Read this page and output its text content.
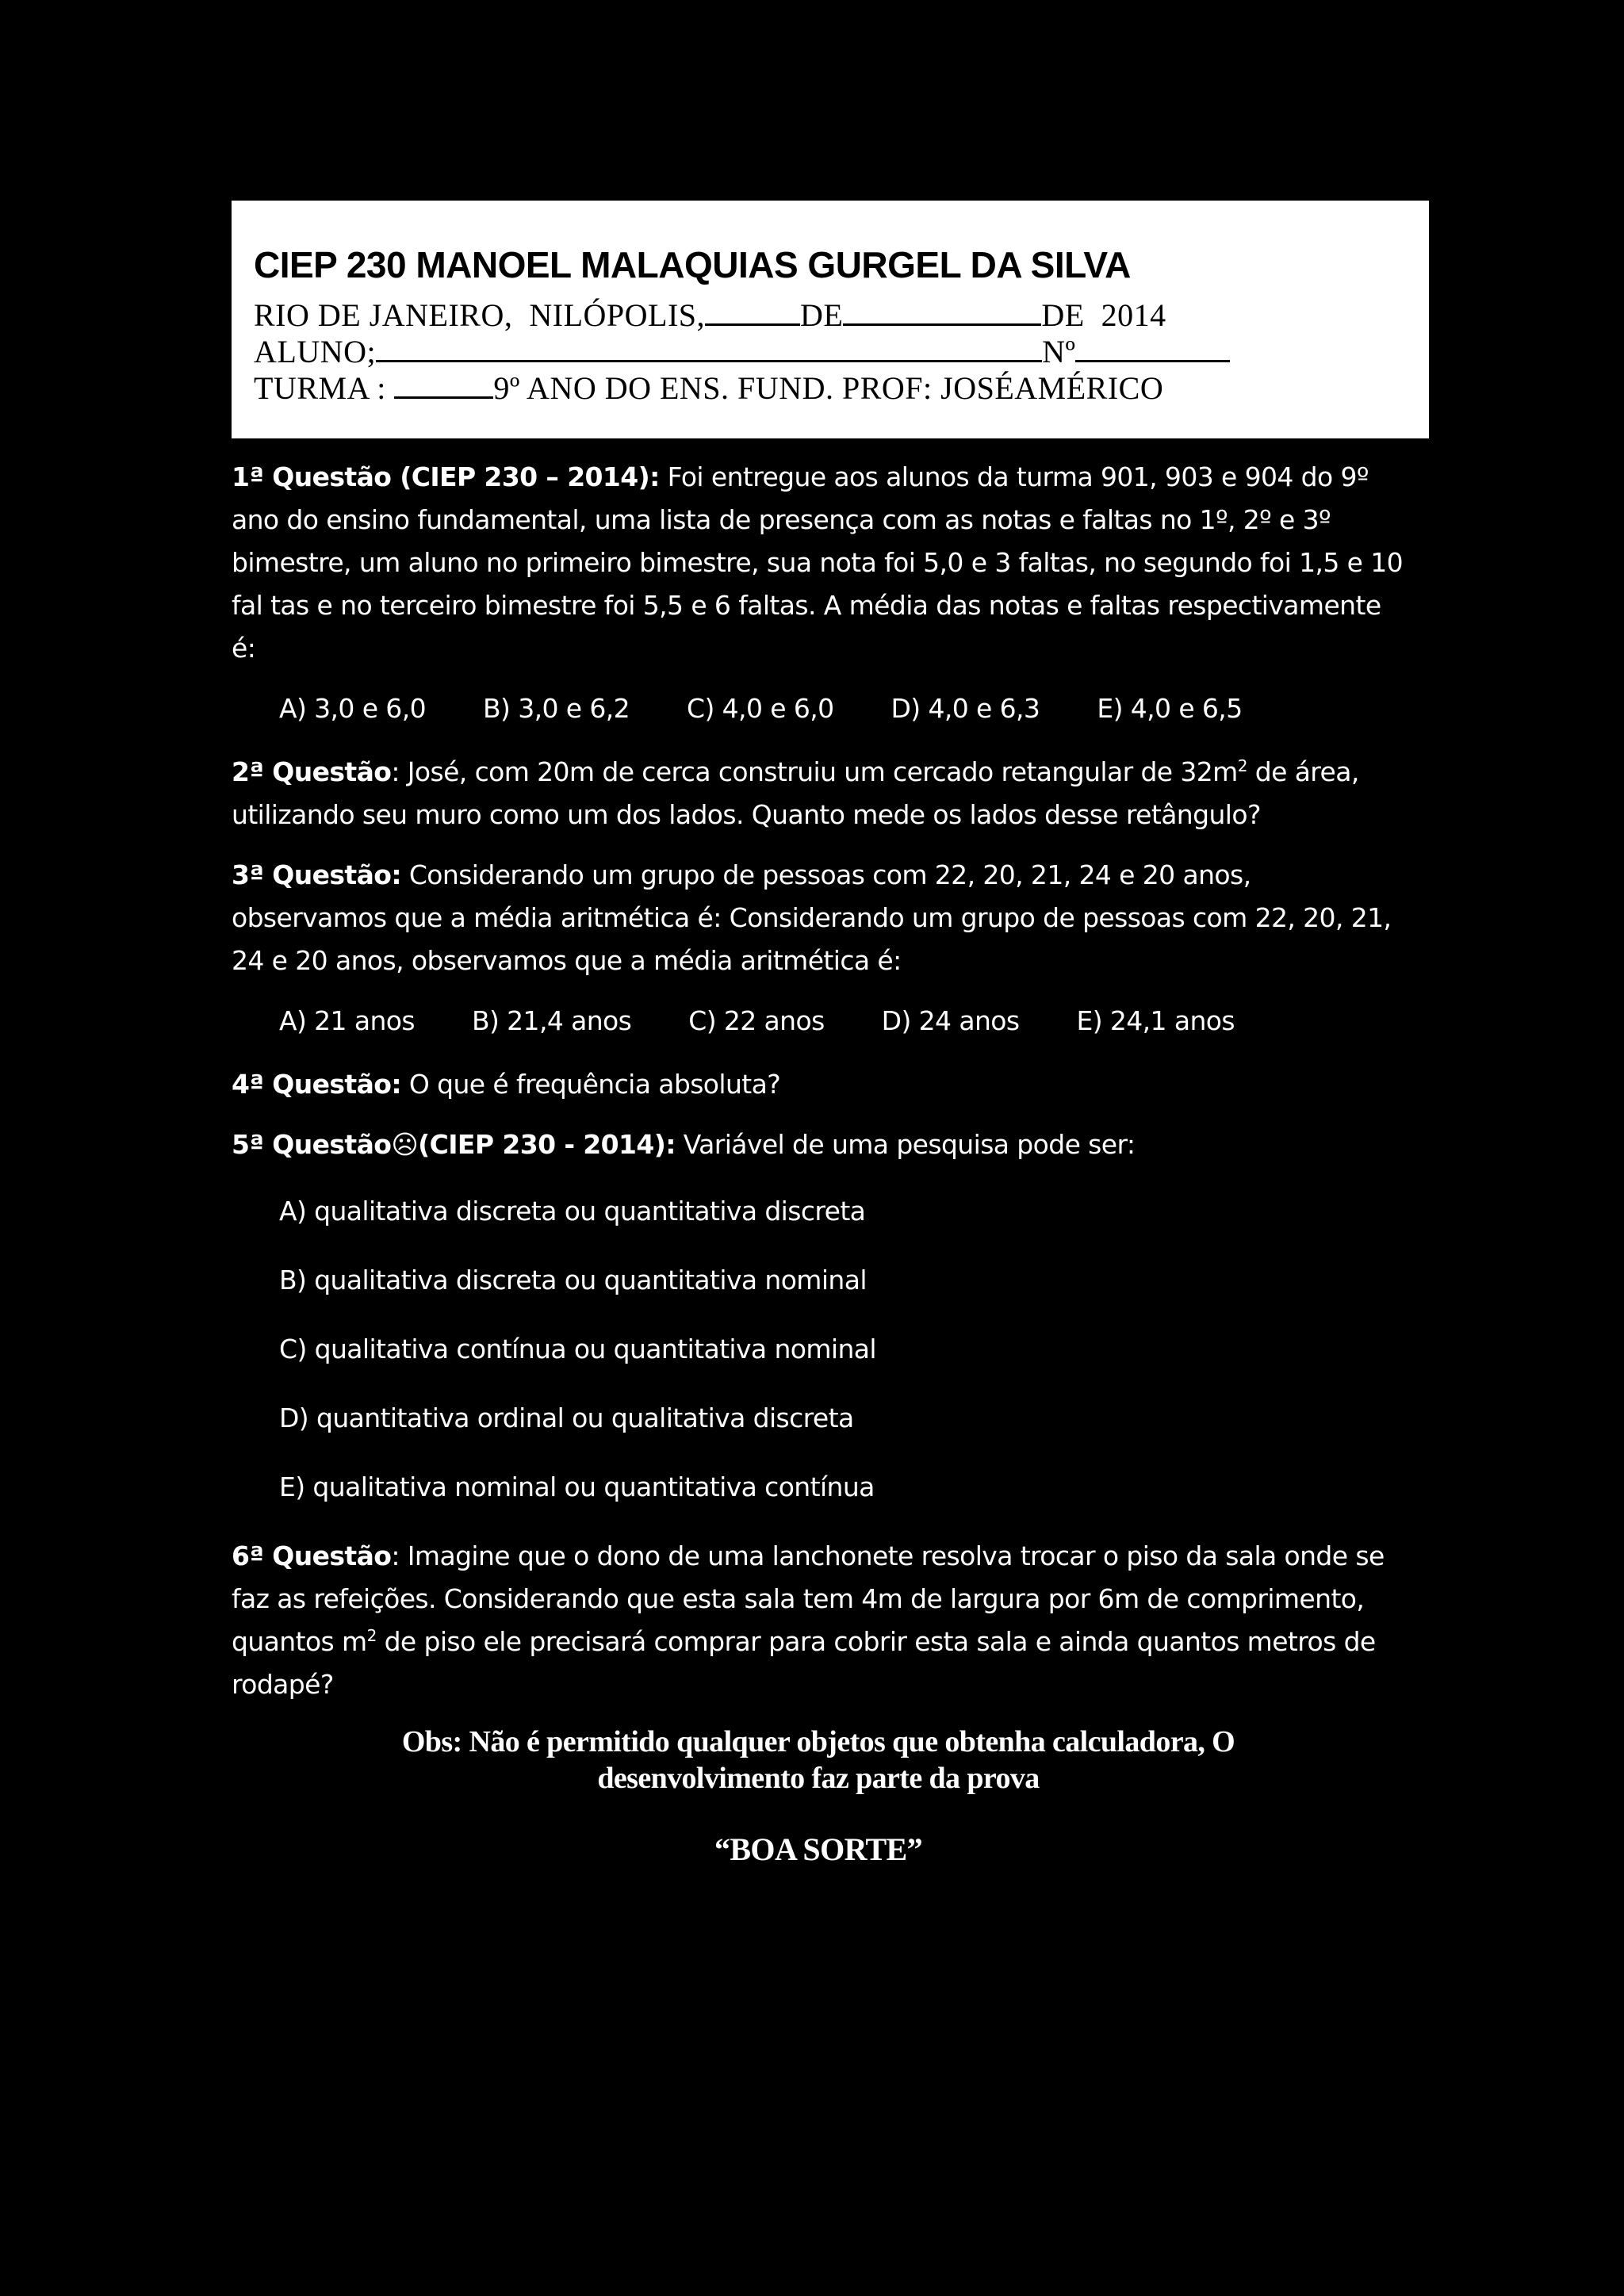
CIEP 230 MANOEL MALAQUIAS GURGEL DA SILVA
RIO DE JANEIRO,  NILÓPOLIS,	DE	DE  2014
ALUNO;	Nº
TURMA :	9º ANO DO ENS. FUND. PROF: JOSÉAMÉRICO
1ª Questão (CIEP 230 – 2014): Foi entregue aos alunos da turma 901, 903 e 904 do 9º ano do ensino fundamental, uma lista de presença com as notas e faltas no 1º, 2º e 3º bimestre, um aluno no primeiro bimestre, sua nota foi 5,0 e 3 faltas, no segundo foi 1,5 e 10 fal tas e no terceiro bimestre foi 5,5 e 6 faltas. A média das notas e faltas respectivamente é:
A) 3,0 e 6,0 B) 3,0 e 6,2 C) 4,0 e 6,0 D) 4,0 e 6,3 E) 4,0 e 6,5
2ª Questão: José, com 20m de cerca construiu um cercado retangular de $32m^2$ de área, utilizando seu muro como um dos lados. Quanto mede os lados desse retângulo?
3ª Questão: Considerando um grupo de pessoas com 22, 20, 21, 24 e 20 anos, observamos que a média aritmética é: Considerando um grupo de pessoas com 22, 20, 21, 24 e 20 anos, observamos que a média aritmética é:
A) 21 anos B) 21,4 anos C) 22 anos D) 24 anos E) 24,1 anos
4ª Questão: O que é frequência absoluta?
5ª Questão☹(CIEP 230 - 2014): Variável de uma pesquisa pode ser:
A) qualitativa discreta ou quantitativa discreta
B) qualitativa discreta ou quantitativa nominal
C) qualitativa contínua ou quantitativa nominal
D) quantitativa ordinal ou qualitativa discreta
E) qualitativa nominal ou quantitativa contínua
6ª Questão: Imagine que o dono de uma lanchonete resolva trocar o piso da sala onde se faz as refeições. Considerando que esta sala tem 4m de largura por 6m de comprimento, quantos $m^2$ de piso ele precisará comprar para cobrir esta sala e ainda quantos metros de rodapé?
Obs: Não é permitido qualquer objetos que obtenha calculadora, O desenvolvimento faz parte da prova
“BOA SORTE”
